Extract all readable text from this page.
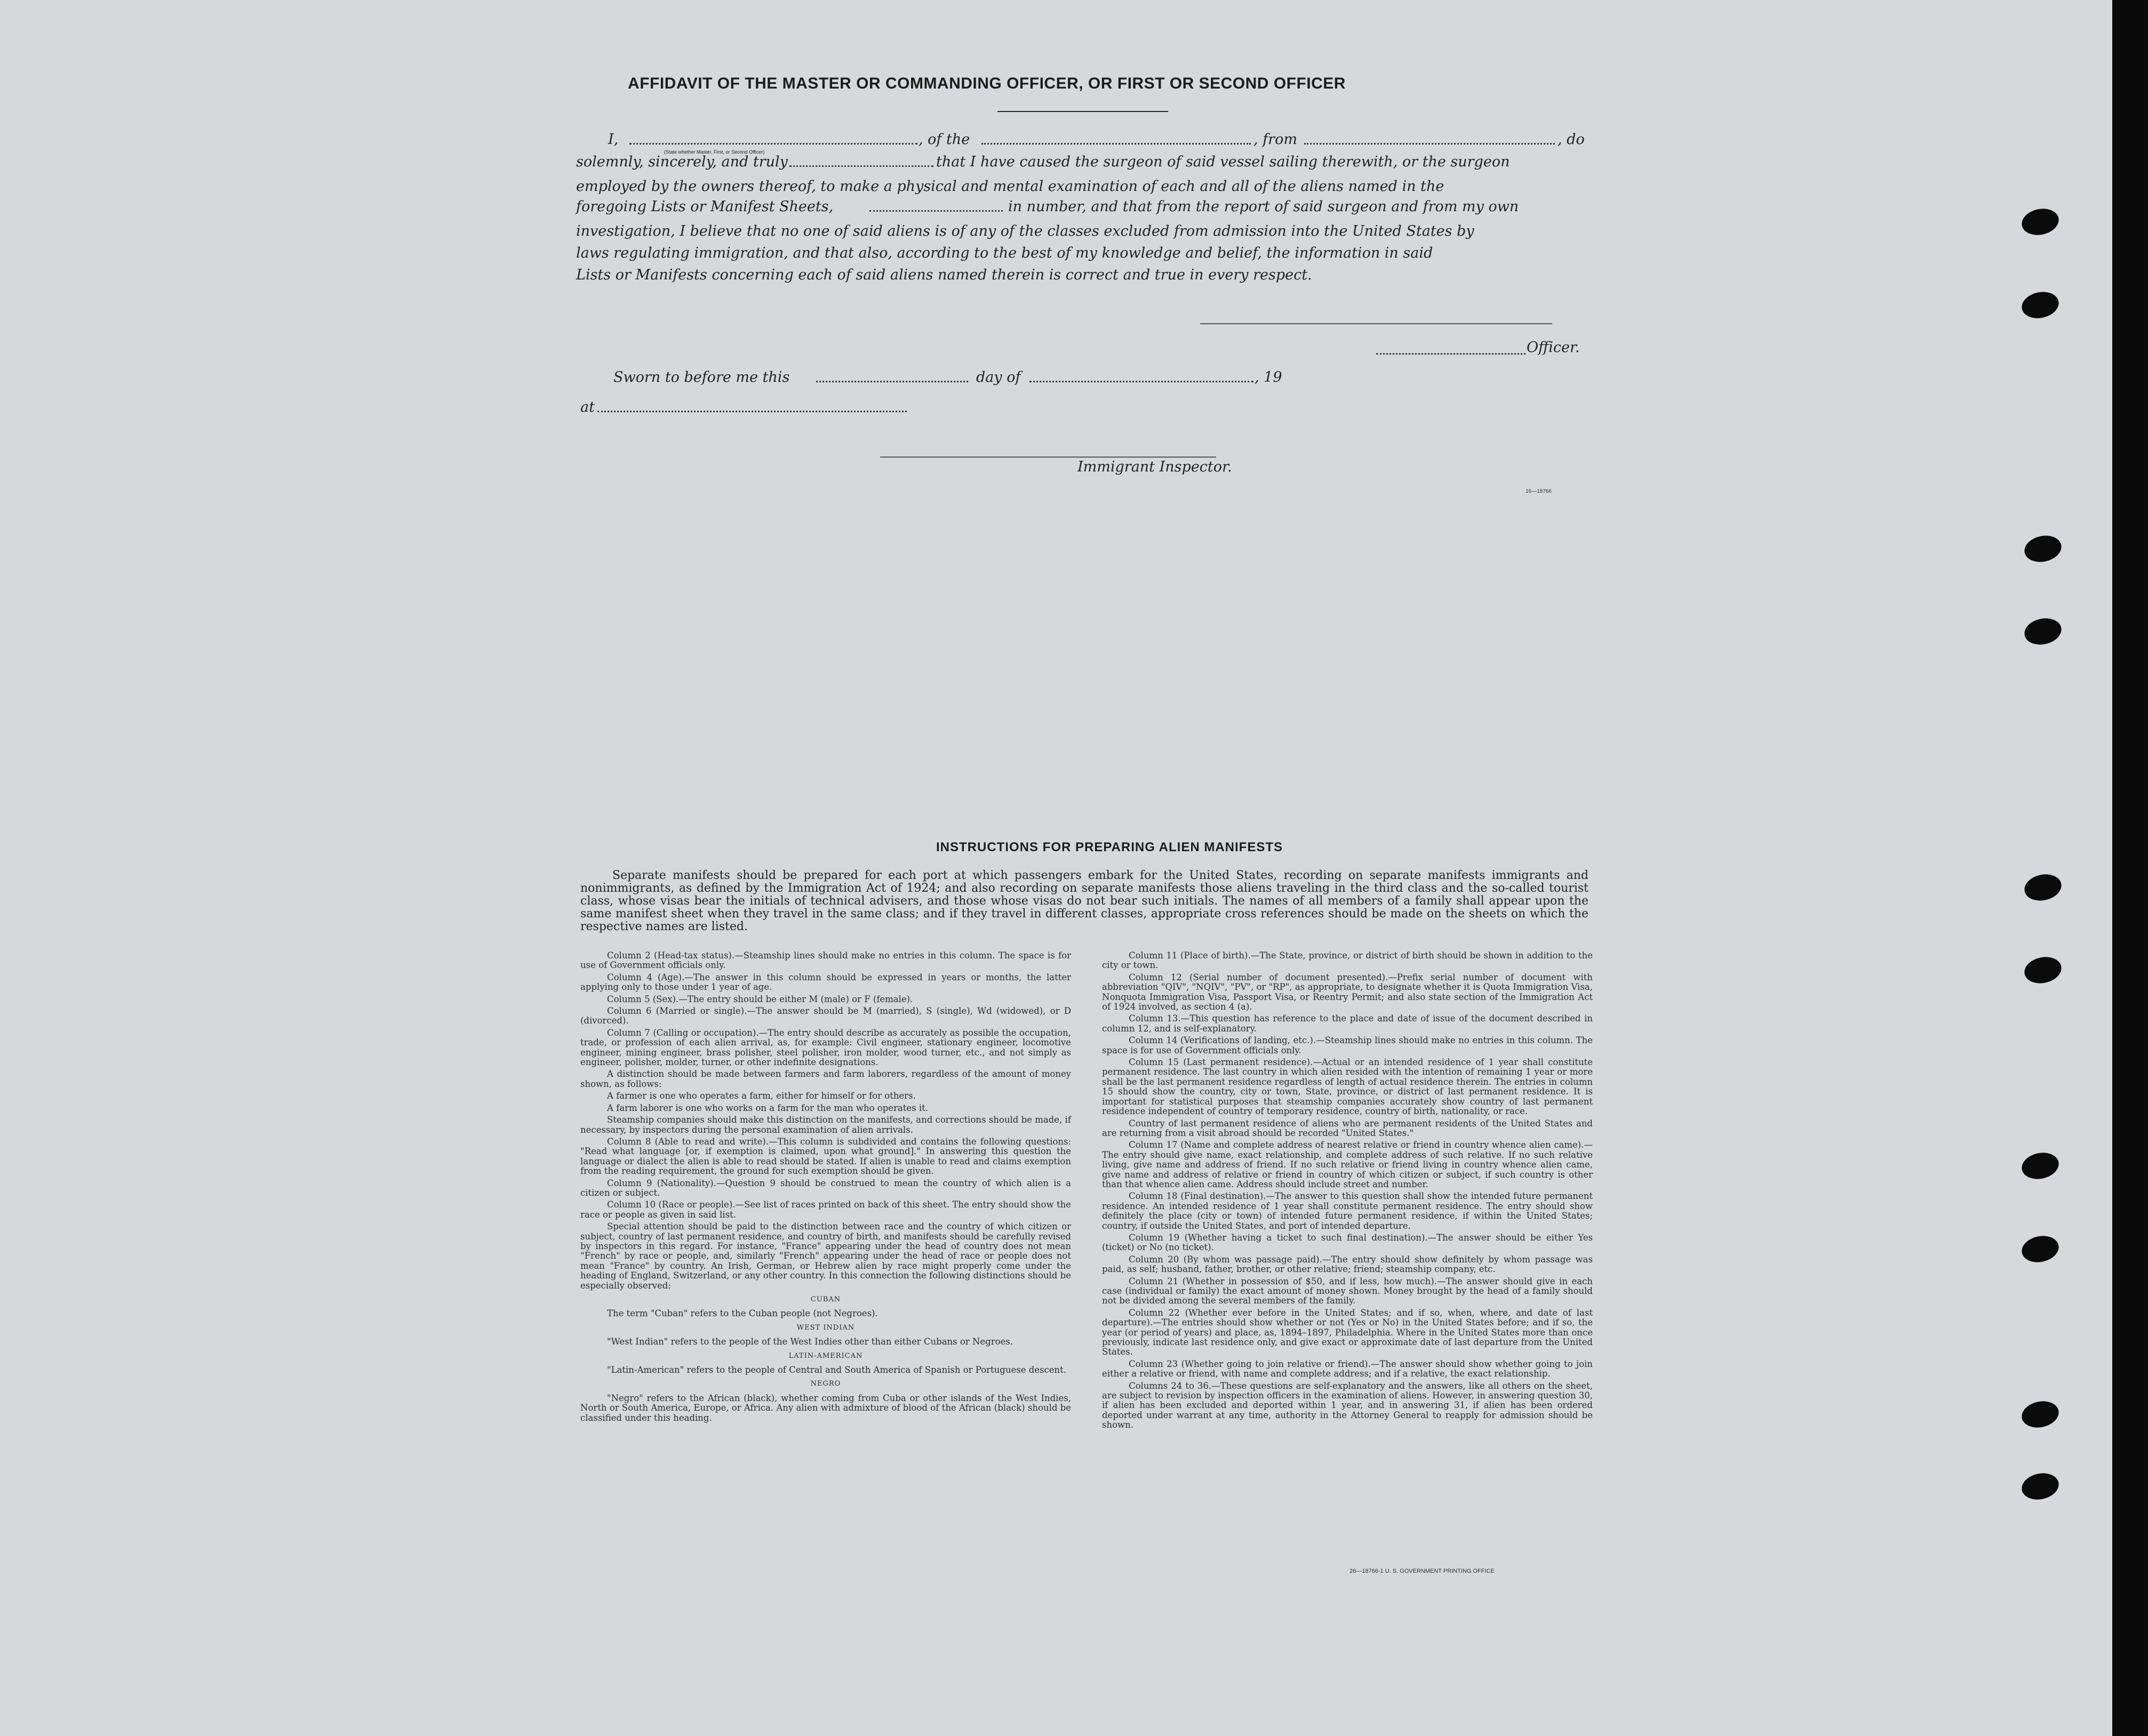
AFFIDAVIT OF THE MASTER OR COMMANDING OFFICER, OR FIRST OR SECOND OFFICER
I,
(State whether Master, First, or Second Officer)
, of the	, from	, do
solemnly, sincerely, and truly	that I have caused the surgeon of said vessel sailing therewith, or the surgeon
employed by the owners thereof, to make a physical and mental examination of each and all of the aliens named in the
foregoing Lists or Manifest Sheets,	in number, and that from the report of said surgeon and from my own
investigation, I believe that no one of said aliens is of any of the classes excluded from admission into the United States by
laws regulating immigration, and that also, according to the best of my knowledge and belief, the information in said
Lists or Manifests concerning each of said aliens named therein is correct and true in every respect.
Officer.
Sworn to before me this	day of	, 19
at
Immigrant Inspector.
16—18766
INSTRUCTIONS FOR PREPARING ALIEN MANIFESTS
Separate manifests should be prepared for each port at which passengers embark for the United States, recording on separate manifests immigrants and nonimmigrants, as defined by the Immigration Act of 1924; and also recording on separate manifests those aliens traveling in the third class and the so-called tourist class, whose visas bear the initials of technical advisers, and those whose visas do not bear such initials. The names of all members of a family shall appear upon the same manifest sheet when they travel in the same class; and if they travel in different classes, appropriate cross references should be made on the sheets on which the respective names are listed.

Column 2 (Head-tax status).—Steamship lines should make no entries in this column. The space is for use of Government officials only.

Column 4 (Age).—The answer in this column should be expressed in years or months, the latter applying only to those under 1 year of age.

Column 5 (Sex).—The entry should be either M (male) or F (female).

Column 6 (Married or single).—The answer should be M (married), S (single), Wd (widowed), or D (divorced).

Column 7 (Calling or occupation).—The entry should describe as accurately as possible the occupation, trade, or profession of each alien arrival, as, for example: Civil engineer, stationary engineer, locomotive engineer, mining engineer, brass polisher, steel polisher, iron molder, wood turner, etc., and not simply as engineer, polisher, molder, turner, or other indefinite designations.

A distinction should be made between farmers and farm laborers, regardless of the amount of money shown, as follows:

A farmer is one who operates a farm, either for himself or for others.

A farm laborer is one who works on a farm for the man who operates it.

Steamship companies should make this distinction on the manifests, and corrections should be made, if necessary, by inspectors during the personal examination of alien arrivals.

Column 8 (Able to read and write).—This column is subdivided and contains the following questions: "Read what language [or, if exemption is claimed, upon what ground]." In answering this question the language or dialect the alien is able to read should be stated. If alien is unable to read and claims exemption from the reading requirement, the ground for such exemption should be given.

Column 9 (Nationality).—Question 9 should be construed to mean the country of which alien is a citizen or subject.

Column 10 (Race or people).—See list of races printed on back of this sheet. The entry should show the race or people as given in said list.

Special attention should be paid to the distinction between race and the country of which citizen or subject, country of last permanent residence, and country of birth, and manifests should be carefully revised by inspectors in this regard. For instance, "France" appearing under the head of country does not mean "French" by race or people, and, similarly "French" appearing under the head of race or people does not mean "France" by country. An Irish, German, or Hebrew alien by race might properly come under the heading of England, Switzerland, or any other country. In this connection the following distinctions should be especially observed:

CUBAN

The term "Cuban" refers to the Cuban people (not Negroes).

WEST INDIAN

"West Indian" refers to the people of the West Indies other than either Cubans or Negroes.

LATIN-AMERICAN

"Latin-American" refers to the people of Central and South America of Spanish or Portuguese descent.

NEGRO

"Negro" refers to the African (black), whether coming from Cuba or other islands of the West Indies, North or South America, Europe, or Africa. Any alien with admixture of blood of the African (black) should be classified under this heading.

Column 11 (Place of birth).—The State, province, or district of birth should be shown in addition to the city or town.

Column 12 (Serial number of document presented).—Prefix serial number of document with abbreviation "QIV", "NQIV", "PV", or "RP", as appropriate, to designate whether it is Quota Immigration Visa, Nonquota Immigration Visa, Passport Visa, or Reentry Permit; and also state section of the Immigration Act of 1924 involved, as section 4 (a).

Column 13.—This question has reference to the place and date of issue of the document described in column 12, and is self-explanatory.

Column 14 (Verifications of landing, etc.).—Steamship lines should make no entries in this column. The space is for use of Government officials only.

Column 15 (Last permanent residence).—Actual or an intended residence of 1 year shall constitute permanent residence. The last country in which alien resided with the intention of remaining 1 year or more shall be the last permanent residence regardless of length of actual residence therein. The entries in column 15 should show the country, city or town, State, province, or district of last permanent residence. It is important for statistical purposes that steamship companies accurately show country of last permanent residence independent of country of temporary residence, country of birth, nationality, or race.

Country of last permanent residence of aliens who are permanent residents of the United States and are returning from a visit abroad should be recorded "United States."

Column 17 (Name and complete address of nearest relative or friend in country whence alien came).—The entry should give name, exact relationship, and complete address of such relative. If no such relative living, give name and address of friend. If no such relative or friend living in country whence alien came, give name and address of relative or friend in country of which citizen or subject, if such country is other than that whence alien came. Address should include street and number.

Column 18 (Final destination).—The answer to this question shall show the intended future permanent residence. An intended residence of 1 year shall constitute permanent residence. The entry should show definitely the place (city or town) of intended future permanent residence, if within the United States; country, if outside the United States, and port of intended departure.

Column 19 (Whether having a ticket to such final destination).—The answer should be either Yes (ticket) or No (no ticket).

Column 20 (By whom was passage paid).—The entry should show definitely by whom passage was paid, as self; husband, father, brother, or other relative; friend; steamship company, etc.

Column 21 (Whether in possession of $50, and if less, how much).—The answer should give in each case (individual or family) the exact amount of money shown. Money brought by the head of a family should not be divided among the several members of the family.

Column 22 (Whether ever before in the United States; and if so, when, where, and date of last departure).—The entries should show whether or not (Yes or No) in the United States before; and if so, the year (or period of years) and place, as, 1894–1897, Philadelphia. Where in the United States more than once previously, indicate last residence only, and give exact or approximate date of last departure from the United States.

Column 23 (Whether going to join relative or friend).—The answer should show whether going to join either a relative or friend, with name and complete address; and if a relative, the exact relationship.

Columns 24 to 36.—These questions are self-explanatory and the answers, like all others on the sheet, are subject to revision by inspection officers in the examination of aliens. However, in answering question 30, if alien has been excluded and deported within 1 year, and in answering 31, if alien has been ordered deported under warrant at any time, authority in the Attorney General to reapply for admission should be shown.

26—18766-1 U. S. GOVERNMENT PRINTING OFFICE
